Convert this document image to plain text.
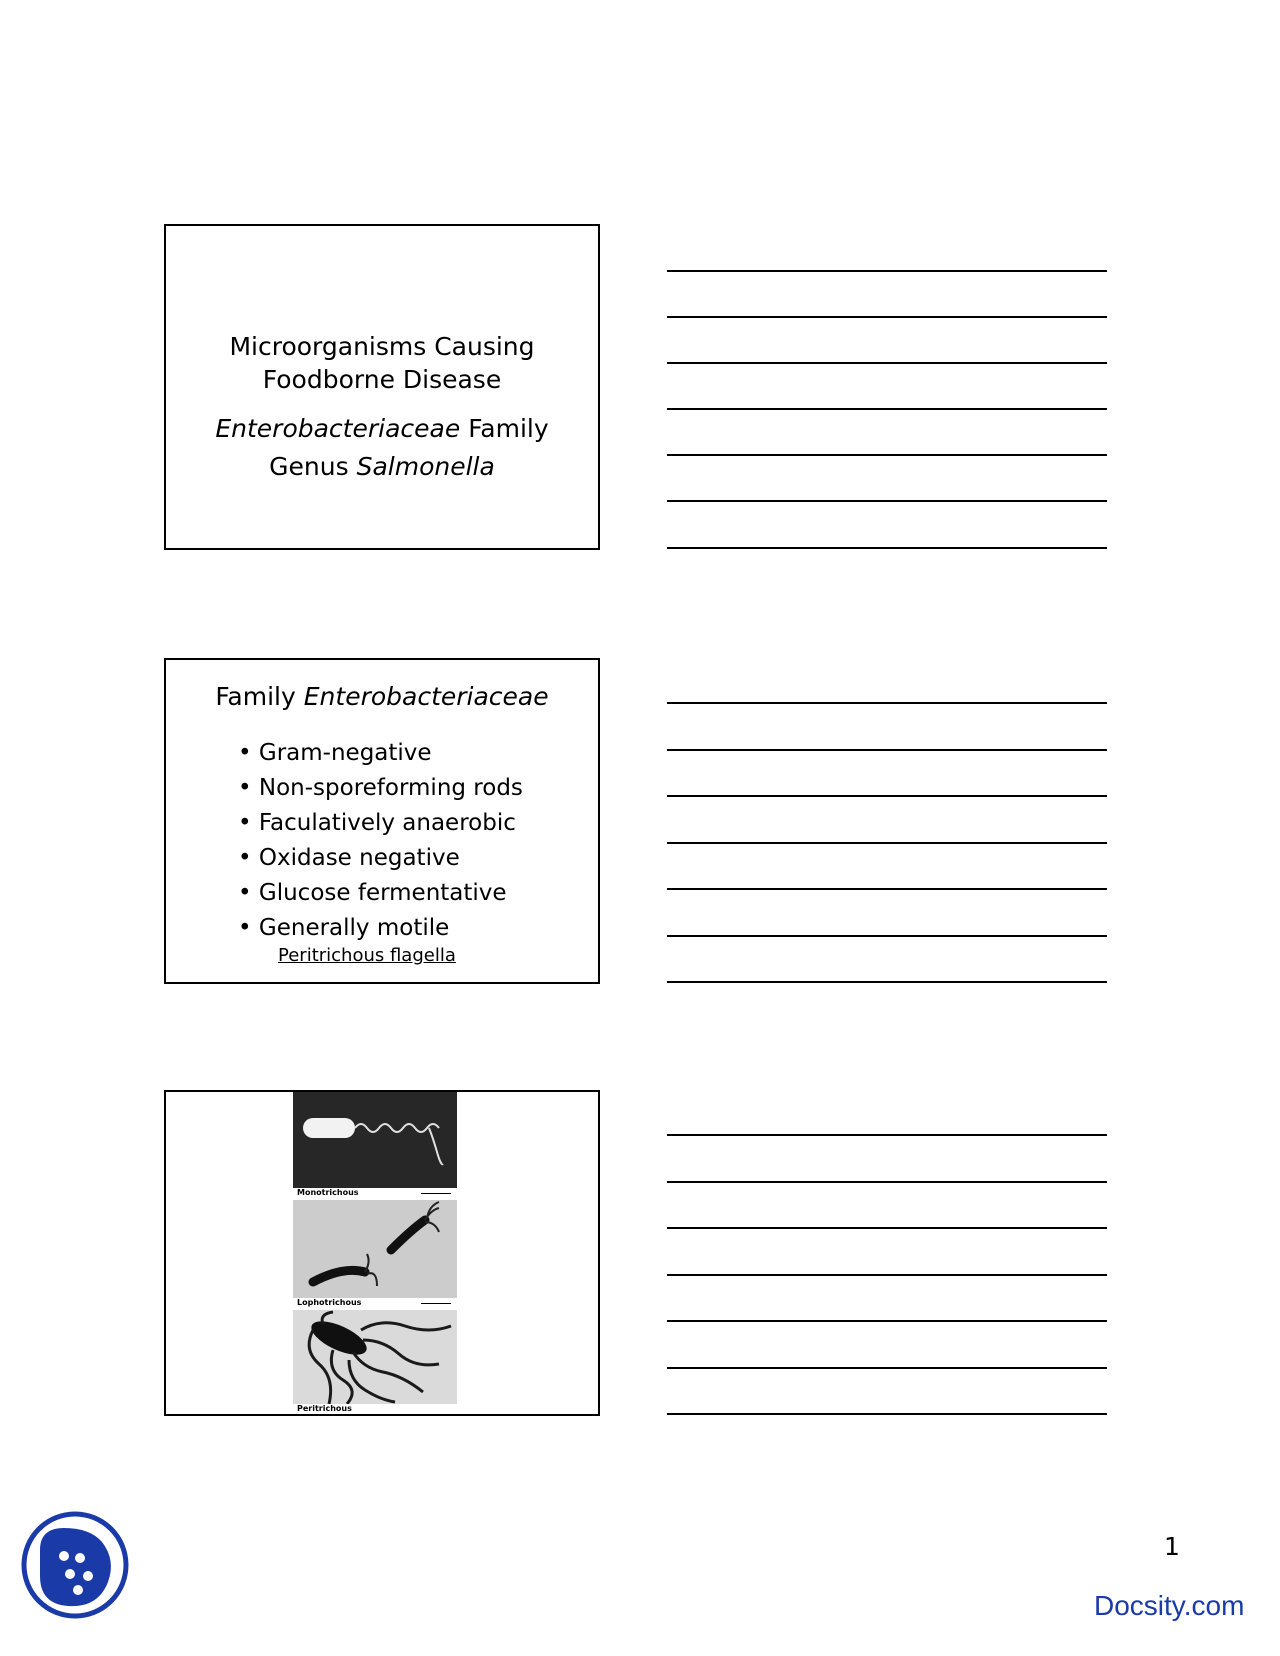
Microorganisms Causing
Foodborne Disease
Enterobacteriaceae Family
Genus Salmonella
Family Enterobacteriaceae
• Gram-negative
• Non-sporeforming rods
• Faculatively anaerobic
• Oxidase negative
• Glucose fermentative
• Generally motile
Peritrichous flagella
Monotrichous
Lophotrichous
Peritrichous
1
Docsity.com
